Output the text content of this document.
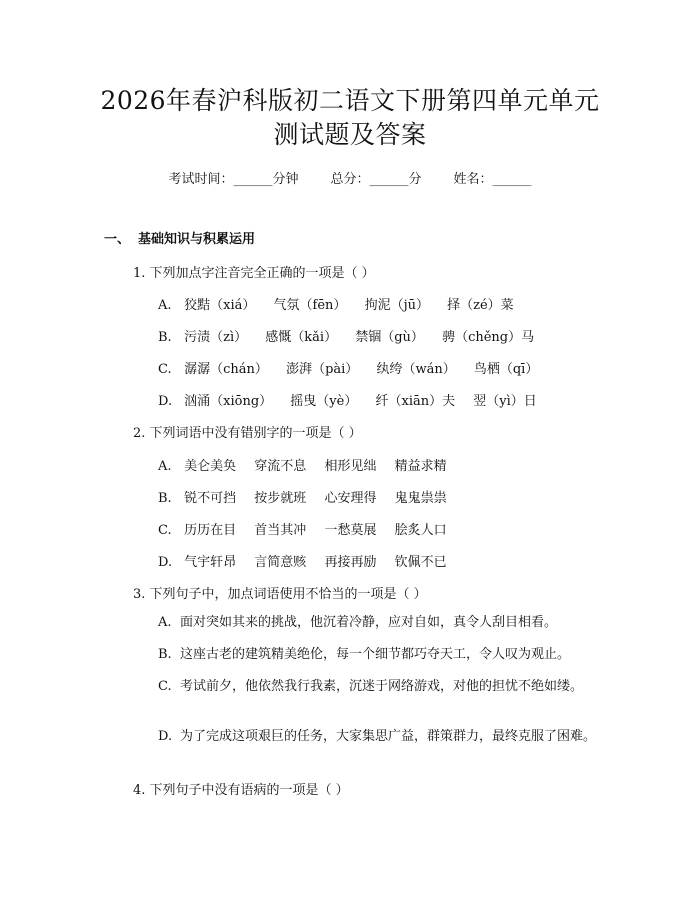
2026年春沪科版初二语文下册第四单元单元
测试题及答案
考试时间：______分钟 总分：______分 姓名：______
一、 基础知识与积累运用
1. 下列加点字注音完全正确的一项是（ ）
A. 狡黠（xiá） 气氛（fēn） 拘泥（jū） 择（zé）菜
B. 污渍（zì） 感慨（kǎi） 禁锢（gù） 骋（chěng）马
C. 潺潺（chán） 澎湃（pài） 纨绔（wán） 鸟栖（qī）
D. 汹涌（xiōng） 摇曳（yè） 纤（xiān）夫 翌（yì）日
2. 下列词语中没有错别字的一项是（ ）
A. 美仑美奂 穿流不息 相形见绌 精益求精
B. 锐不可挡 按步就班 心安理得 鬼鬼祟祟
C. 历历在目 首当其冲 一愁莫展 脍炙人口
D. 气宇轩昂 言简意赅 再接再励 钦佩不已
3. 下列句子中，加点词语使用不恰当的一项是（ ）
A. 面对突如其来的挑战，他沉着冷静，应对自如，真令人刮目相看。
B. 这座古老的建筑精美绝伦，每一个细节都巧夺天工，令人叹为观止。
C. 考试前夕，他依然我行我素，沉迷于网络游戏，对他的担忧不绝如缕。
D. 为了完成这项艰巨的任务，大家集思广益，群策群力，最终克服了困难。
4. 下列句子中没有语病的一项是（ ）
